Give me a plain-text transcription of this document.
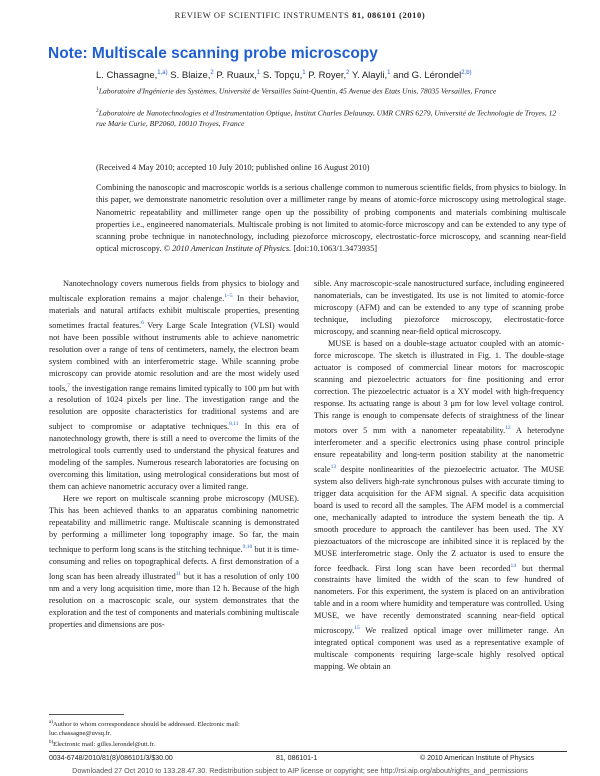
REVIEW OF SCIENTIFIC INSTRUMENTS 81, 086101 (2010)
Note: Multiscale scanning probe microscopy
L. Chassagne,$^{1,a)}$ S. Blaize,$^2$ P. Ruaux,$^1$ S. Topçu,$^1$ P. Royer,$^2$ Y. Alayli,$^1$ and G. Lérondel$^{2,b)}$
$^1$Laboratoire d'Ingénierie des Systèmes, Université de Versailles Saint-Quentin, 45 Avenue des Etats Unis, 78035 Versailles, France
$^2$Laboratoire de Nanotechnologies et d'Instrumentation Optique, Institut Charles Delaunay, UMR CNRS 6279, Université de Technologie de Troyes, 12 rue Marie Curie, BP2060, 10010 Troyes, France
(Received 4 May 2010; accepted 10 July 2010; published online 16 August 2010)
Combining the nanoscopic and macroscopic worlds is a serious challenge common to numerous scientific fields, from physics to biology. In this paper, we demonstrate nanometric resolution over a millimeter range by means of atomic-force microscopy using metrological stage. Nanometric repeatability and millimeter range open up the possibility of probing components and materials combining multiscale properties i.e., engineered nanomaterials. Multiscale probing is not limited to atomic-force microscopy and can be extended to any type of scanning probe technique in nanotechnology, including piezoforce microscopy, electrostatic-force microscopy, and scanning near-field optical microscopy. © 2010 American Institute of Physics. [doi:10.1063/1.3473935]

Nanotechnology covers numerous fields from physics to biology and multiscale exploration remains a major chalenge.$^{1-5}$ In their behavior, materials and natural artifacts exhibit multiscale properties, presenting sometimes fractal features.$^6$ Very Large Scale Integration (VLSI) would not have been possible without instruments able to achieve nanometric resolution over a range of tens of centimeters, namely, the electron beam system combined with an interferometric stage. While scanning probe microscopy can provide atomic resolution and are the most widely used tools,$^7$ the investigation range remains limited typically to 100 μm but with a resolution of 1024 pixels per line. The investigation range and the resolution are opposite characteristics for traditional systems and are subject to compromise or adaptative techniques.$^{8,11}$ In this era of nanotechnology growth, there is still a need to overcome the limits of the metrological tools currently used to understand the physical features and modeling of the samples. Numerous research laboratories are focusing on overcoming this limitation, using metrological considerations but most of them can achieve nanometric accuracy over a limited range.

Here we report on multiscale scanning probe microscopy (MUSE). This has been achieved thanks to an apparatus combining nanometric repeatability and millimetric range. Multiscale scanning is demonstrated by performing a millimeter long topography image. So far, the main technique to perform long scans is the stitching technique.$^{9,10}$ but it is time-consuming and relies on topographical defects. A first demonstration of a long scan has been already illustrated$^{11}$ but it has a resolution of only 100 nm and a very long acquisition time, more than 12 h. Because of the high resolution on a macroscopic scale, our system demonstrates that the exploration and the test of components and materials combining multiscale properties and dimensions are pos-

sible. Any macroscopic-scale nanostructured surface, including engineered nanomaterials, can be investigated. Its use is not limited to atomic-force microscopy (AFM) and can be extended to any type of scanning probe technique, including piezoforce microscopy, electrostatic-force microscopy, and scanning near-field optical microscopy.

MUSE is based on a double-stage actuator coupled with an atomic-force microscope. The sketch is illustrated in Fig. 1. The double-stage actuator is composed of commercial linear motors for macroscopic scanning and piezoelectric actuators for fine positioning and error correction. The piezoelectric actuator is a XY model with high-frequency response. Its actuating range is about 3 μm for low level voltage control. This range is enough to compensate defects of straightness of the linear motors over 5 mm with a nanometer repeatability.$^{12}$ A heterodyne interferometer and a specific electronics using phase control principle ensure repeatability and long-term position stability at the nanometric scale$^{13}$ despite nonlinearities of the piezoelectric actuator. The MUSE system also delivers high-rate synchronous pulses with accurate timing to trigger data acquisition for the AFM signal. A specific data acquisition board is used to record all the samples. The AFM model is a commercial one, mechanically adapted to introduce the system beneath the tip. A smooth procedure to approach the cantilever has been used. The XY piezoactuators of the microscope are inhibited since it is replaced by the MUSE interferometric stage. Only the Z actuator is used to ensure the force feedback. First long scan have been recorded$^{14}$ but thermal constraints have limited the width of the scan to few hundred of nanometers. For this experiment, the system is placed on an antivibration table and in a room where humidity and temperature was controlled. Using MUSE, we have recently demonstrated scanning near-field optical microscopy.$^{15}$ We realized optical image over millimeter range. An integrated optical component was used as a representative example of multiscale components requiring large-scale highly resolved optical mapping. We obtain an

$^{a)}$Author to whom correspondence should be addressed. Electronic mail: luc.chassagne@uvsq.fr.
$^{b)}$Electronic mail: gilles.lerondel@utt.fr.
0034-6748/2010/81(8)/086101/3/$30.00	81, 086101-1	© 2010 American Institute of Physics
Downloaded 27 Oct 2010 to 133.28.47.30. Redistribution subject to AIP license or copyright; see http://rsi.aip.org/about/rights_and_permissions
